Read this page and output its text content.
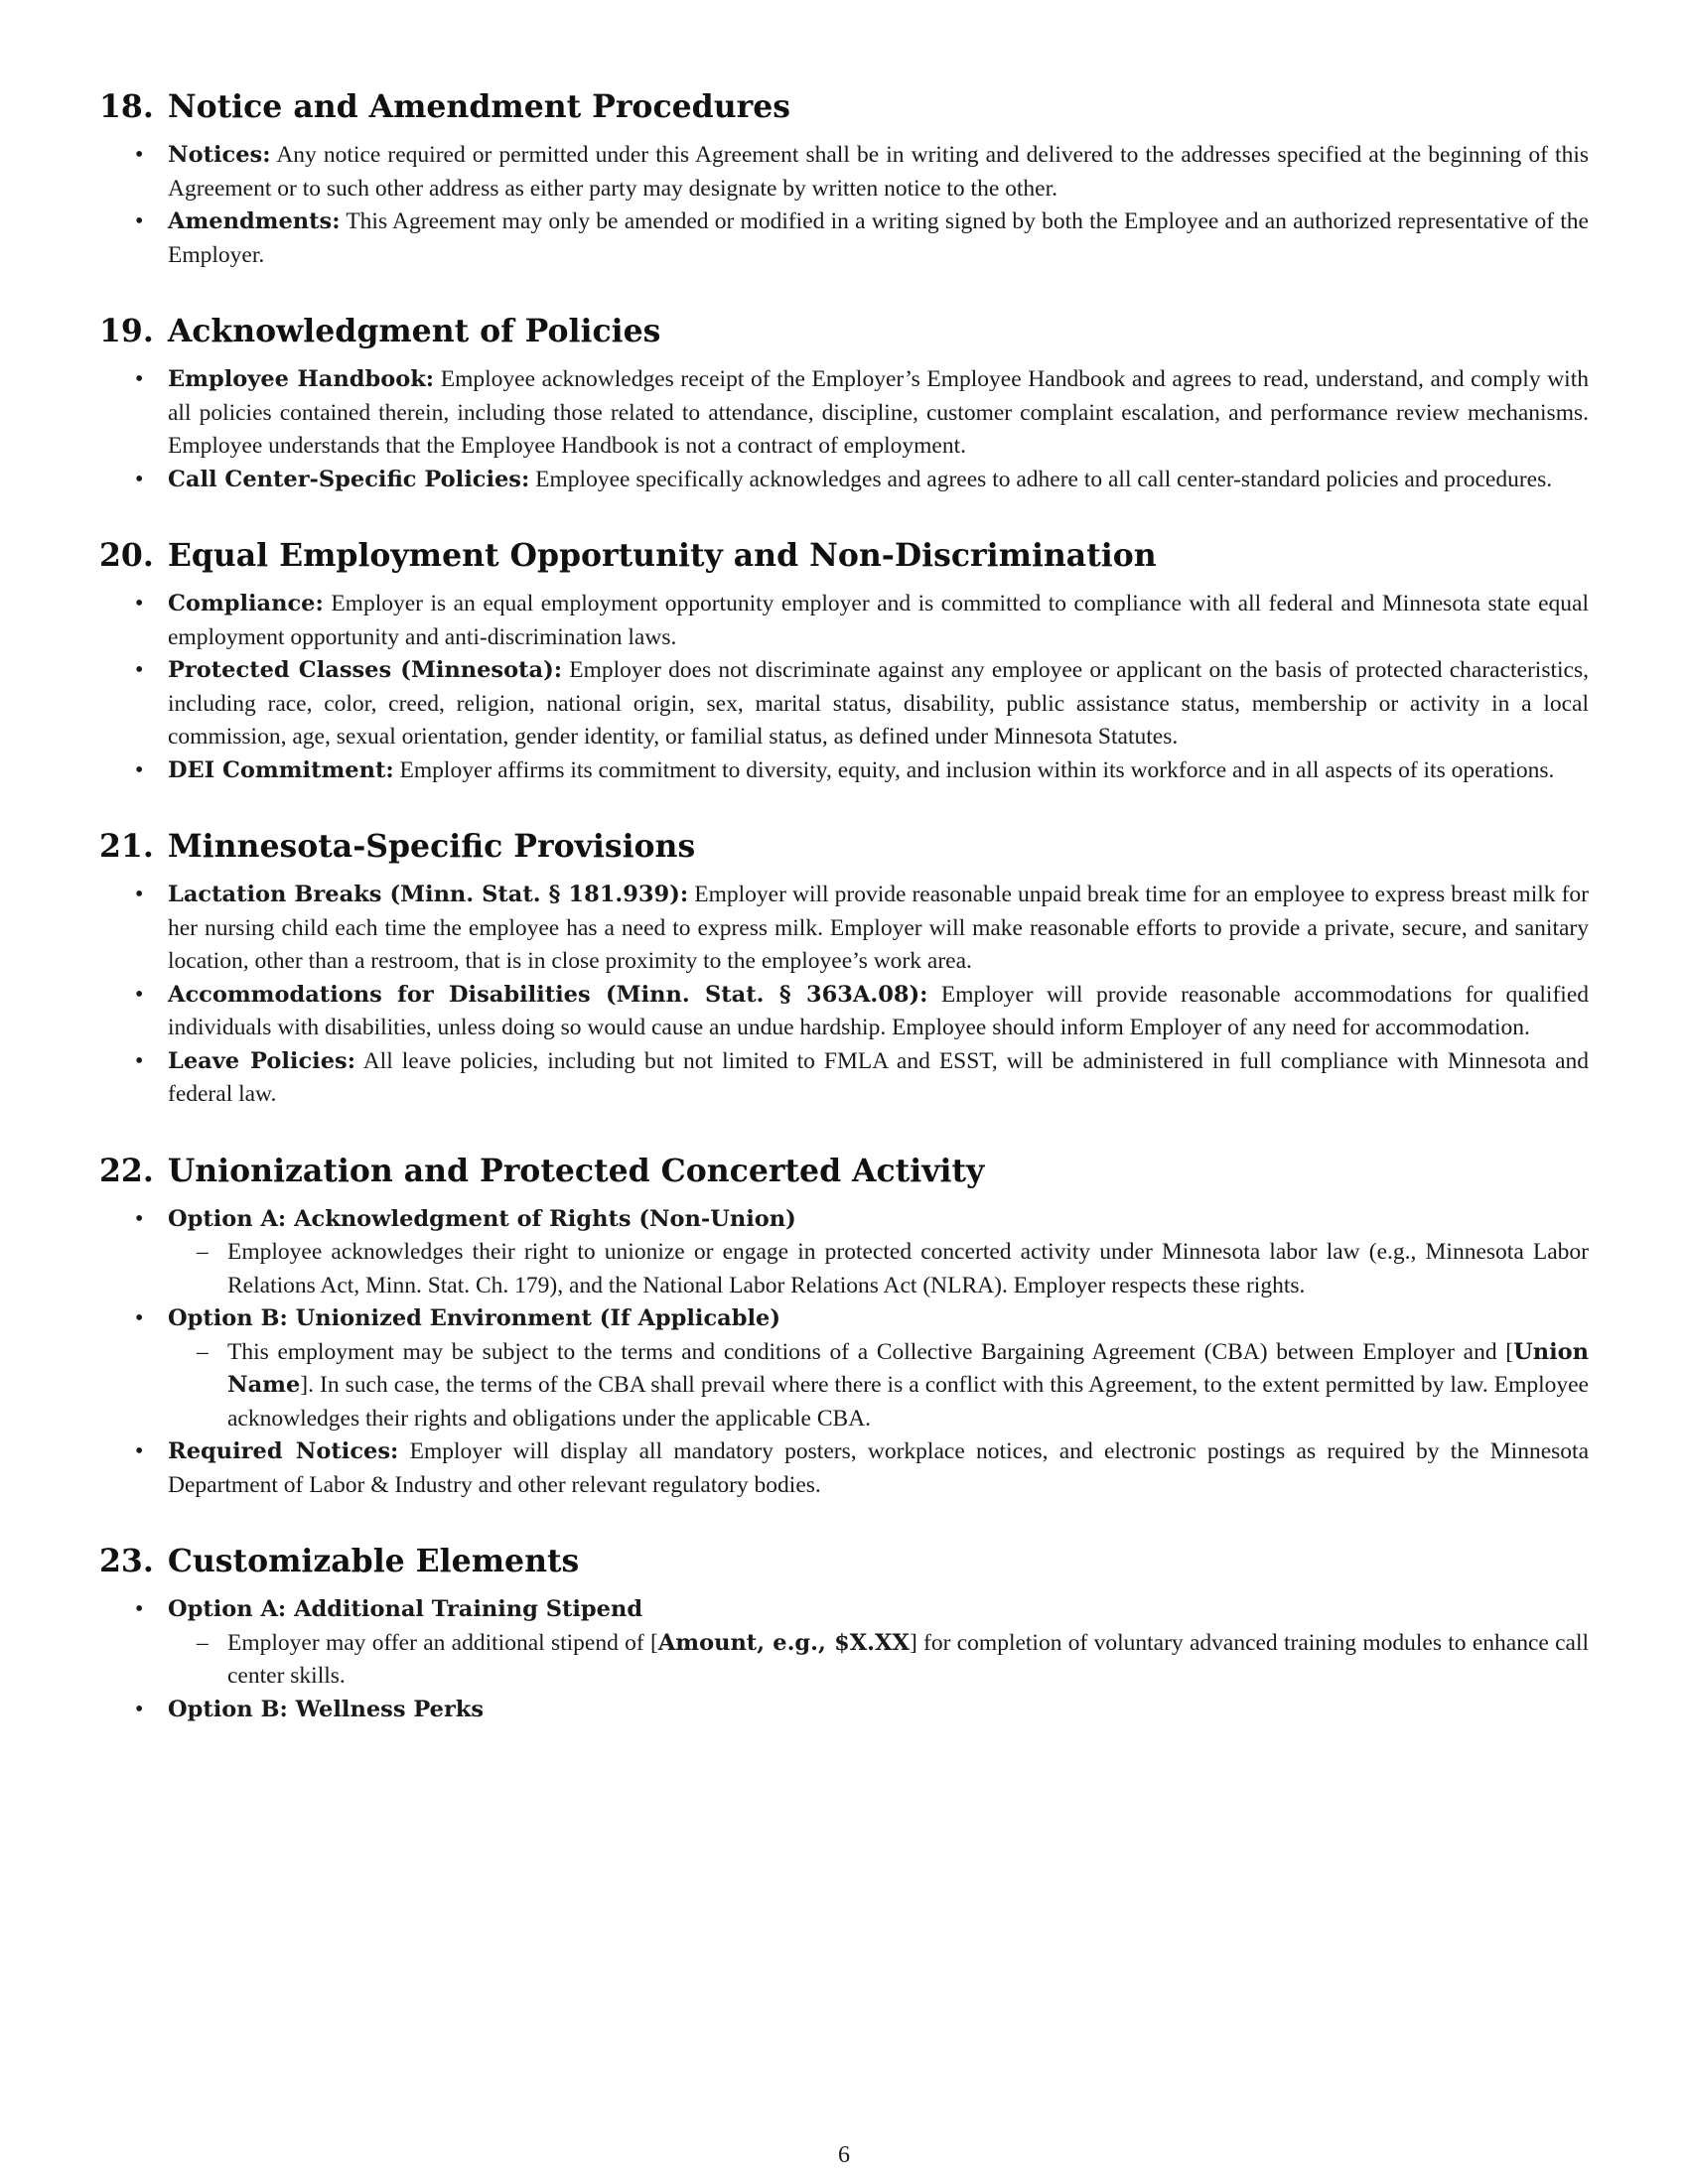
18. Notice and Amendment Procedures
• Notices: Any notice required or permitted under this Agreement shall be in writing and delivered to the addresses specified at the beginning of this Agreement or to such other address as either party may designate by written notice to the other.
• Amendments: This Agreement may only be amended or modified in a writing signed by both the Employee and an authorized representative of the Employer.
19. Acknowledgment of Policies
• Employee Handbook: Employee acknowledges receipt of the Employer’s Employee Handbook and agrees to read, understand, and comply with all policies contained therein, including those related to attendance, discipline, customer complaint escalation, and performance review mechanisms. Employee understands that the Employee Handbook is not a contract of employment.
• Call Center-Specific Policies: Employee specifically acknowledges and agrees to adhere to all call center-standard policies and procedures.
20. Equal Employment Opportunity and Non-Discrimination
• Compliance: Employer is an equal employment opportunity employer and is committed to compliance with all federal and Minnesota state equal employment opportunity and anti-discrimination laws.
• Protected Classes (Minnesota): Employer does not discriminate against any employee or applicant on the basis of protected characteristics, including race, color, creed, religion, national origin, sex, marital status, disability, public assistance status, membership or activity in a local commission, age, sexual orientation, gender identity, or familial status, as defined under Minnesota Statutes.
• DEI Commitment: Employer affirms its commitment to diversity, equity, and inclusion within its workforce and in all aspects of its operations.
21. Minnesota-Specific Provisions
• Lactation Breaks (Minn. Stat. § 181.939): Employer will provide reasonable unpaid break time for an employee to express breast milk for her nursing child each time the employee has a need to express milk. Employer will make reasonable efforts to provide a private, secure, and sanitary location, other than a restroom, that is in close proximity to the employee’s work area.
• Accommodations for Disabilities (Minn. Stat. § 363A.08): Employer will provide reasonable accommodations for qualified individuals with disabilities, unless doing so would cause an undue hardship. Employee should inform Employer of any need for accommodation.
• Leave Policies: All leave policies, including but not limited to FMLA and ESST, will be administered in full compliance with Minnesota and federal law.
22. Unionization and Protected Concerted Activity
• Option A: Acknowledgment of Rights (Non-Union)
– Employee acknowledges their right to unionize or engage in protected concerted activity under Minnesota labor law (e.g., Minnesota Labor Relations Act, Minn. Stat. Ch. 179), and the National Labor Relations Act (NLRA). Employer respects these rights.
• Option B: Unionized Environment (If Applicable)
– This employment may be subject to the terms and conditions of a Collective Bargaining Agreement (CBA) between Employer and [Union Name]. In such case, the terms of the CBA shall prevail where there is a conflict with this Agreement, to the extent permitted by law. Employee acknowledges their rights and obligations under the applicable CBA.
• Required Notices: Employer will display all mandatory posters, workplace notices, and electronic postings as required by the Minnesota Department of Labor & Industry and other relevant regulatory bodies.
23. Customizable Elements
• Option A: Additional Training Stipend
– Employer may offer an additional stipend of [Amount, e.g., $X.XX] for completion of voluntary advanced training modules to enhance call center skills.
• Option B: Wellness Perks
6
